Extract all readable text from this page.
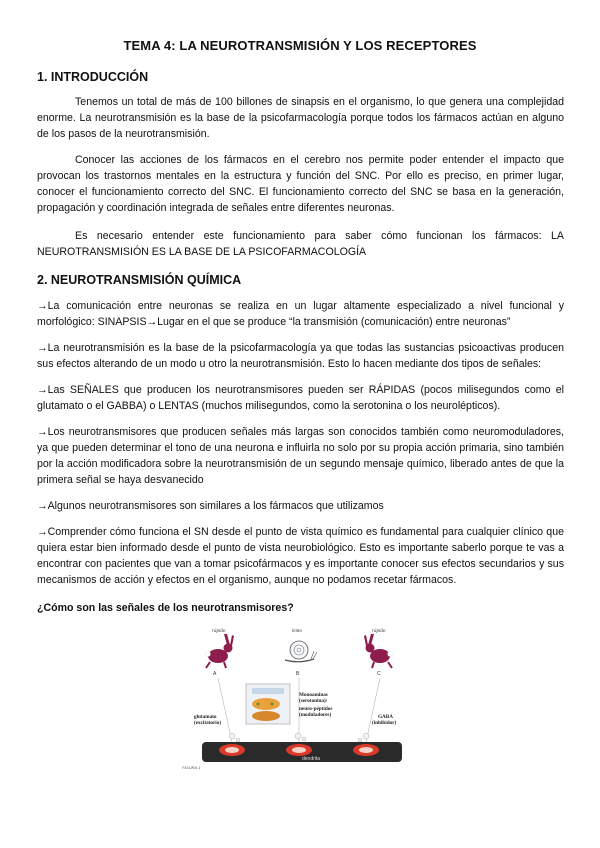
TEMA 4: LA NEUROTRANSMISIÓN Y LOS RECEPTORES
1. INTRODUCCIÓN
Tenemos un total de más de 100 billones de sinapsis en el organismo, lo que genera una complejidad enorme. La neurotransmisión es la base de la psicofarmacología porque todos los fármacos actúan en alguno de los pasos de la neurotransmisión.
Conocer las acciones de los fármacos en el cerebro nos permite poder entender el impacto que provocan los trastornos mentales en la estructura y función del SNC. Por ello es preciso, en primer lugar, conocer el funcionamiento correcto del SNC. El funcionamiento correcto del SNC se basa en la generación, propagación y coordinación integrada de señales entre diferentes neuronas.
Es necesario entender este funcionamiento para saber cómo funcionan los fármacos: LA NEUROTRANSMISIÓN ES LA BASE DE LA PSICOFARMACOLOGÍA
2. NEUROTRANSMISIÓN QUÍMICA
→La comunicación entre neuronas se realiza en un lugar altamente especializado a nivel funcional y morfológico: SINAPSIS→Lugar en el que se produce “la transmisión (comunicación) entre neuronas”
→La neurotransmisión es la base de la psicofarmacología ya que todas las sustancias psicoactivas producen sus efectos alterando de un modo u otro la neurotransmisión. Esto lo hacen mediante dos tipos de señales:
→Las SEÑALES que producen los neurotransmisores pueden ser RÁPIDAS (pocos milisegundos como el glutamato o el GABBA) o LENTAS (muchos milisegundos, como la serotonina o los neurolépticos).
→Los neurotransmisores que producen señales más largas son conocidos también como neuromoduladores, ya que pueden determinar el tono de una neurona e influirla no solo por su propia acción primaria, sino también por la acción modificadora sobre la neurotransmisión de un segundo mensaje químico, liberado antes de que la primera señal se haya desvanecido
→Algunos neurotransmisores son similares a los fármacos que utilizamos
→Comprender cómo funciona el SN desde el punto de vista químico es fundamental para cualquier clínico que quiera estar bien informado desde el punto de vista neurobiológico. Esto es importante saberlo porque te vas a encontrar con pacientes que van a tomar psicofármacos y es importante conocer sus efectos secundarios y sus mecanismos de acción y efectos en el organismo, aunque no podamos recetar fármacos.
¿Cómo son las señales de los neurotransmisores?
rápido	lento	rápido
A	B	C
Monoaminas
(serotonina)/
neuro-péptidos
(moduladores)
glutamato
(excitatorio)
GABA
(inhibidor)
dendrita
FIGURA 1
